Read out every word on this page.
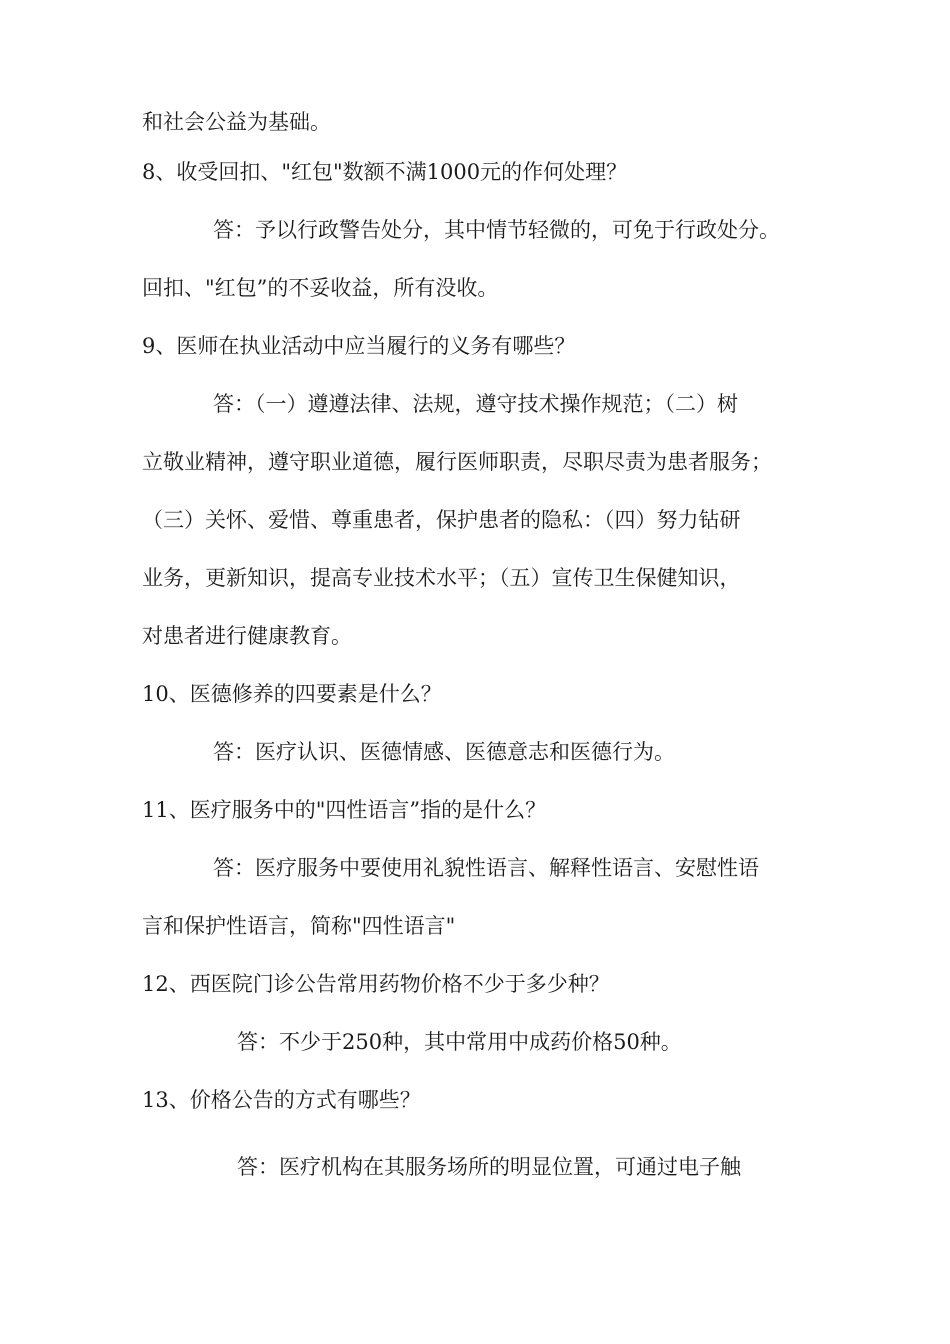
和社会公益为基础。
8、收受回扣、"红包"数额不满1000元的作何处理？
答：予以行政警告处分，其中情节轻微的，可免于行政处分。
回扣、"红包”的不妥收益，所有没收。
9、医师在执业活动中应当履行的义务有哪些？
答：（一）遵遵法律、法规，遵守技术操作规范；（二）树
立敬业精神，遵守职业道德，履行医师职责，尽职尽责为患者服务；
（三）关怀、爱惜、尊重患者，保护患者的隐私：（四）努力钻研
业务，更新知识，提高专业技术水平；（五）宣传卫生保健知识，
对患者进行健康教育。
10、医德修养的四要素是什么？
答：医疗认识、医德情感、医德意志和医德行为。
11、医疗服务中的"四性语言”指的是什么？
答：医疗服务中要使用礼貌性语言、解释性语言、安慰性语
言和保护性语言，简称"四性语言"
12、西医院门诊公告常用药物价格不少于多少种？
答：不少于250种，其中常用中成药价格50种。
13、价格公告的方式有哪些？
答：医疗机构在其服务场所的明显位置，可通过电子触
